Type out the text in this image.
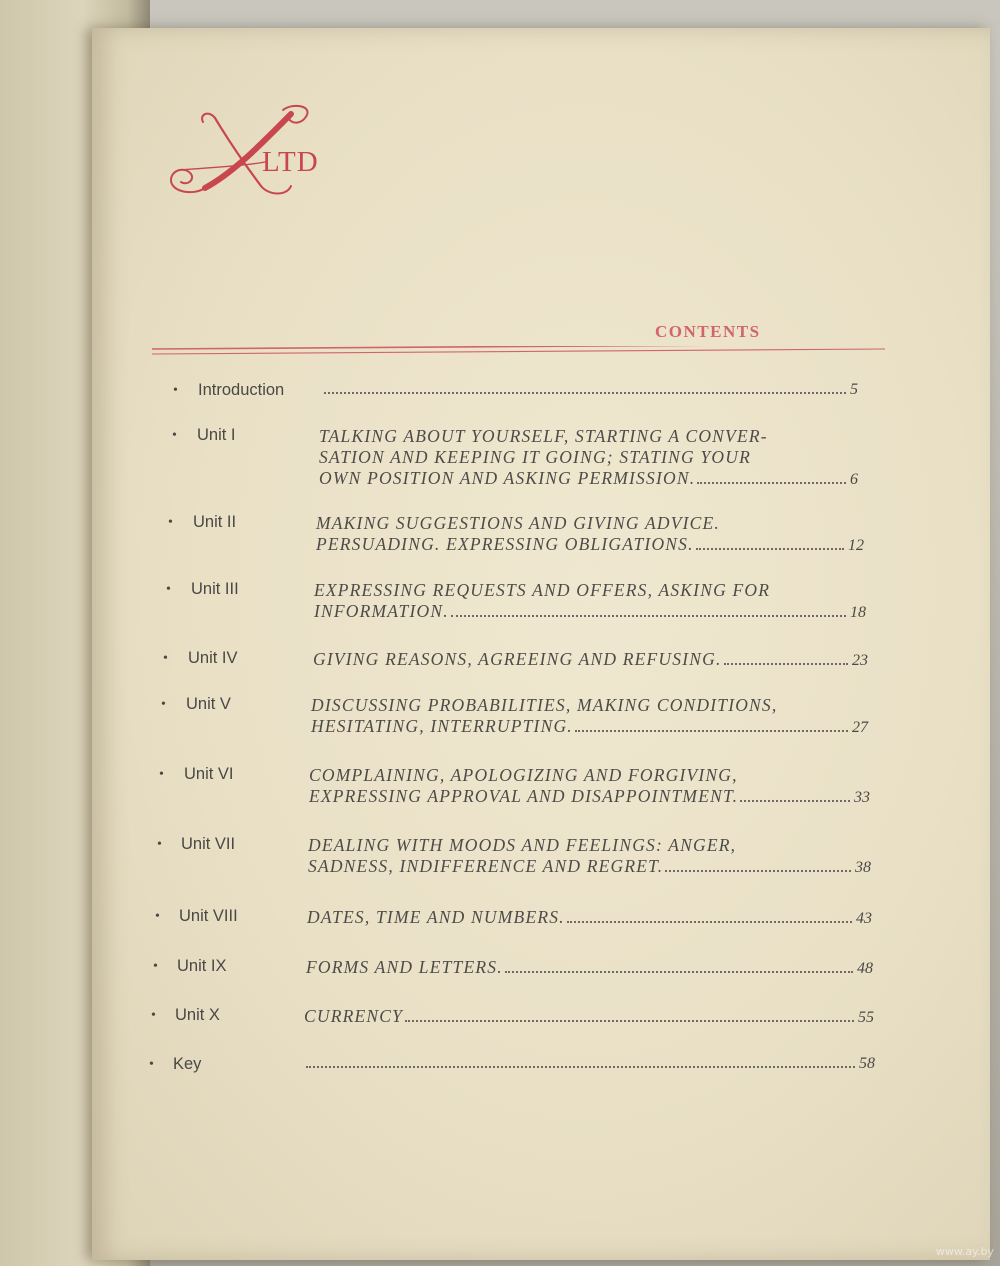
LTD
CONTENTS
• Introduction	5
• Unit I	TALKING ABOUT YOURSELF, STARTING A CONVER-
SATION AND KEEPING IT GOING; STATING YOUR
OWN POSITION AND ASKING PERMISSION.	6
• Unit II	MAKING SUGGESTIONS AND GIVING ADVICE.
PERSUADING. EXPRESSING OBLIGATIONS.	12
• Unit III	EXPRESSING REQUESTS AND OFFERS, ASKING FOR
INFORMATION.	18
• Unit IV	GIVING REASONS, AGREEING AND REFUSING.	23
• Unit V	DISCUSSING PROBABILITIES, MAKING CONDITIONS,
HESITATING, INTERRUPTING.	27
• Unit VI	COMPLAINING, APOLOGIZING AND FORGIVING,
EXPRESSING APPROVAL AND DISAPPOINTMENT.	33
• Unit VII	DEALING WITH MOODS AND FEELINGS: ANGER,
SADNESS, INDIFFERENCE AND REGRET.	38
• Unit VIII	DATES, TIME AND NUMBERS.	43
• Unit IX	FORMS AND LETTERS.	48
• Unit X	CURRENCY	55
• Key	58
www.ay.by
